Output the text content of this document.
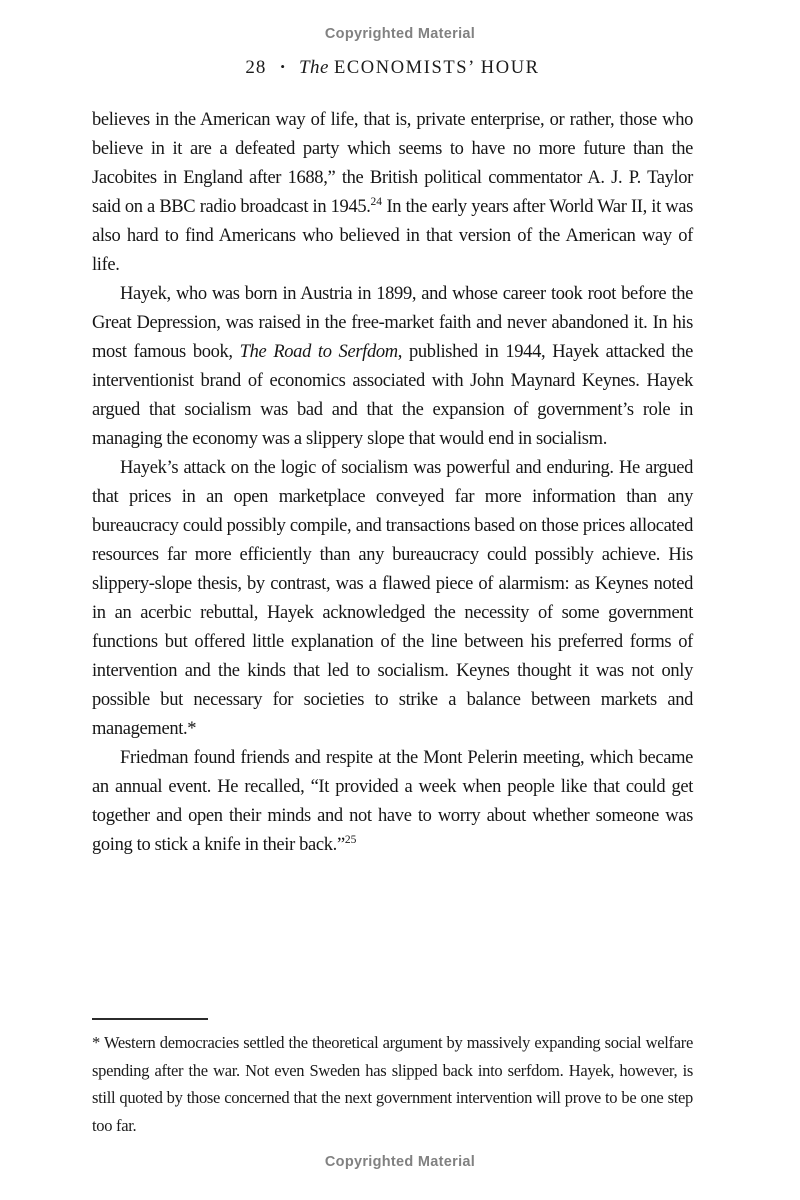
Copyrighted Material
28 • The ECONOMISTS’ HOUR

believes in the American way of life, that is, private enterprise, or rather, those who believe in it are a defeated party which seems to have no more future than the Jacobites in England after 1688,” the British political commentator A. J. P. Taylor said on a BBC radio broadcast in 1945.24 In the early years after World War II, it was also hard to find Americans who believed in that version of the American way of life.

Hayek, who was born in Austria in 1899, and whose career took root before the Great Depression, was raised in the free-market faith and never abandoned it. In his most famous book, The Road to Serfdom, published in 1944, Hayek attacked the interventionist brand of economics associated with John Maynard Keynes. Hayek argued that socialism was bad and that the expansion of government’s role in managing the economy was a slippery slope that would end in socialism.

Hayek’s attack on the logic of socialism was powerful and enduring. He argued that prices in an open marketplace conveyed far more information than any bureaucracy could possibly compile, and transactions based on those prices allocated resources far more efficiently than any bureaucracy could possibly achieve. His slippery-slope thesis, by contrast, was a flawed piece of alarmism: as Keynes noted in an acerbic rebuttal, Hayek acknowledged the necessity of some government functions but offered little explanation of the line between his preferred forms of intervention and the kinds that led to socialism. Keynes thought it was not only possible but necessary for societies to strike a balance between markets and management.*

Friedman found friends and respite at the Mont Pelerin meeting, which became an annual event. He recalled, “It provided a week when people like that could get together and open their minds and not have to worry about whether someone was going to stick a knife in their back.”$^{25}$

* Western democracies settled the theoretical argument by massively expanding social welfare spending after the war. Not even Sweden has slipped back into serfdom. Hayek, however, is still quoted by those concerned that the next government intervention will prove to be one step too far.

Copyrighted Material
